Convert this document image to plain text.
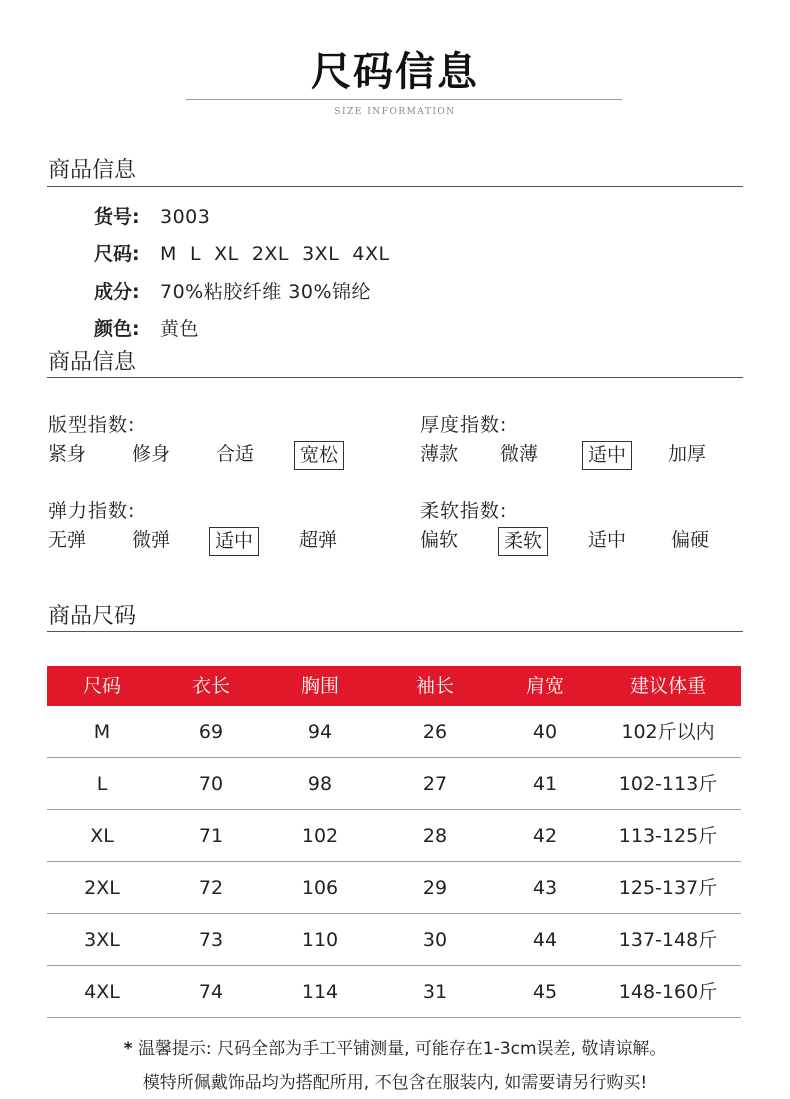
尺码信息
SIZE INFORMATION
商品信息
货号: 3003
尺码: M  L  XL  2XL  3XL  4XL
成分: 70%粘胶纤维 30%锦纶
颜色: 黄色
商品信息
版型指数:
紧身 修身 合适	宽松
厚度指数:
薄款 微薄	适中	加厚
弹力指数:
无弹 微弹	适中	超弹
柔软指数:
偏软	柔软	适中 偏硬
商品尺码
尺码	衣长	胸围	袖长	肩宽	建议体重
M	69	94	26	40	102斤以内
L	70	98	27	41	102-113斤
XL	71	102	28	42	113-125斤
2XL	72	106	29	43	125-137斤
3XL	73	110	30	44	137-148斤
4XL	74	114	31	45	148-160斤
* 温馨提示: 尺码全部为手工平铺测量, 可能存在1-3cm误差, 敬请谅解。
模特所佩戴饰品均为搭配所用, 不包含在服装内, 如需要请另行购买!
